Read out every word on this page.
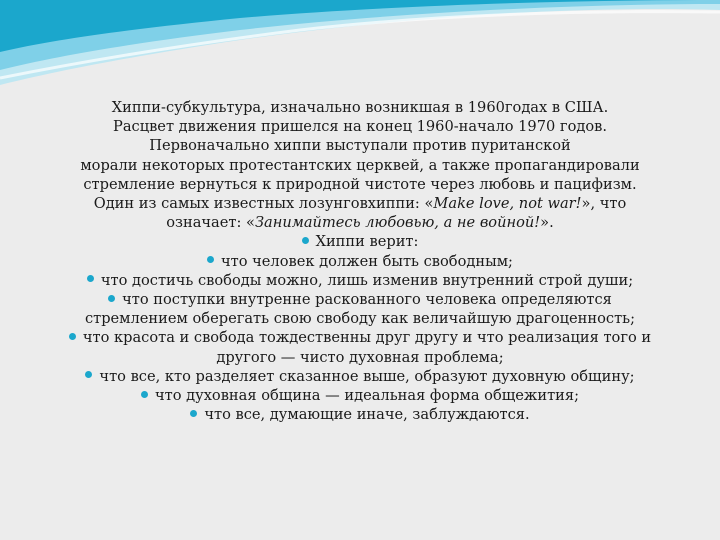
Хиппи-субкультура, изначально возникшая в 1960годах в США.
Расцвет движения пришелся на конец 1960-начало 1970 годов.
Первоначально хиппи выступали против пуританской
морали некоторых протестантских церквей, а также пропагандировали
стремление вернуться к природной чистоте через любовь и пацифизм.
Один из самых известных лозунговхиппи: «Make love, not war!», что
означает: «Занимайтесь любовью, а не войной!».
Хиппи верит:
что человек должен быть свободным;
что достичь свободы можно, лишь изменив внутренний строй души;
что поступки внутренне раскованного человека определяются
стремлением оберегать свою свободу как величайшую драгоценность;
что красота и свобода тождественны друг другу и что реализация того и
другого — чисто духовная проблема;
что все, кто разделяет сказанное выше, образуют духовную общину;
что духовная община — идеальная форма общежития;
что все, думающие иначе, заблуждаются.
